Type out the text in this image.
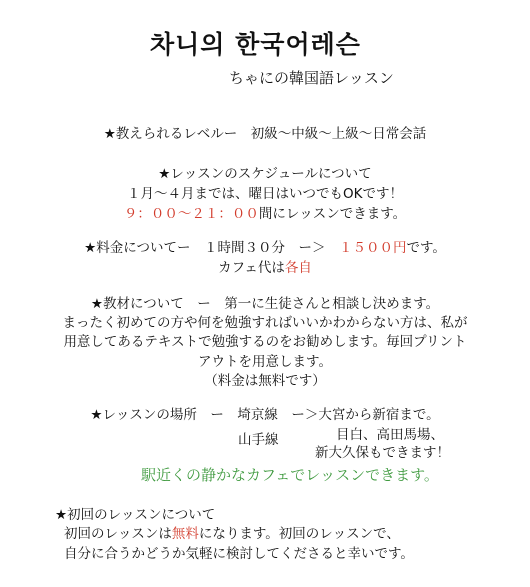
차니의 한국어레슨
ちゃにの韓国語レッスン
★教えられるレベルー　初級～中級～上級～日常会話
★レッスンのスケジュールについて
１月～４月までは、曜日はいつでもOKです！
９：００～２１：００間にレッスンできます。
★料金についてー　１時間３０分　ー＞　１５００円です。
カフェ代は各自
★教材について　ー　第一に生徒さんと相談し決めます。
まったく初めての方や何を勉強すればいいかわからない方は、私が
用意してあるテキストで勉強するのをお勧めします。毎回プリント
アウトを用意します。
（料金は無料です）
★レッスンの場所　ー　埼京線　ー＞大宮から新宿まで。
山手線	目白、高田馬場、
新大久保もできます！
駅近くの静かなカフェでレッスンできます。
★初回のレッスンについて
初回のレッスンは無料になります。初回のレッスンで、
自分に合うかどうか気軽に検討してくださると幸いです。
